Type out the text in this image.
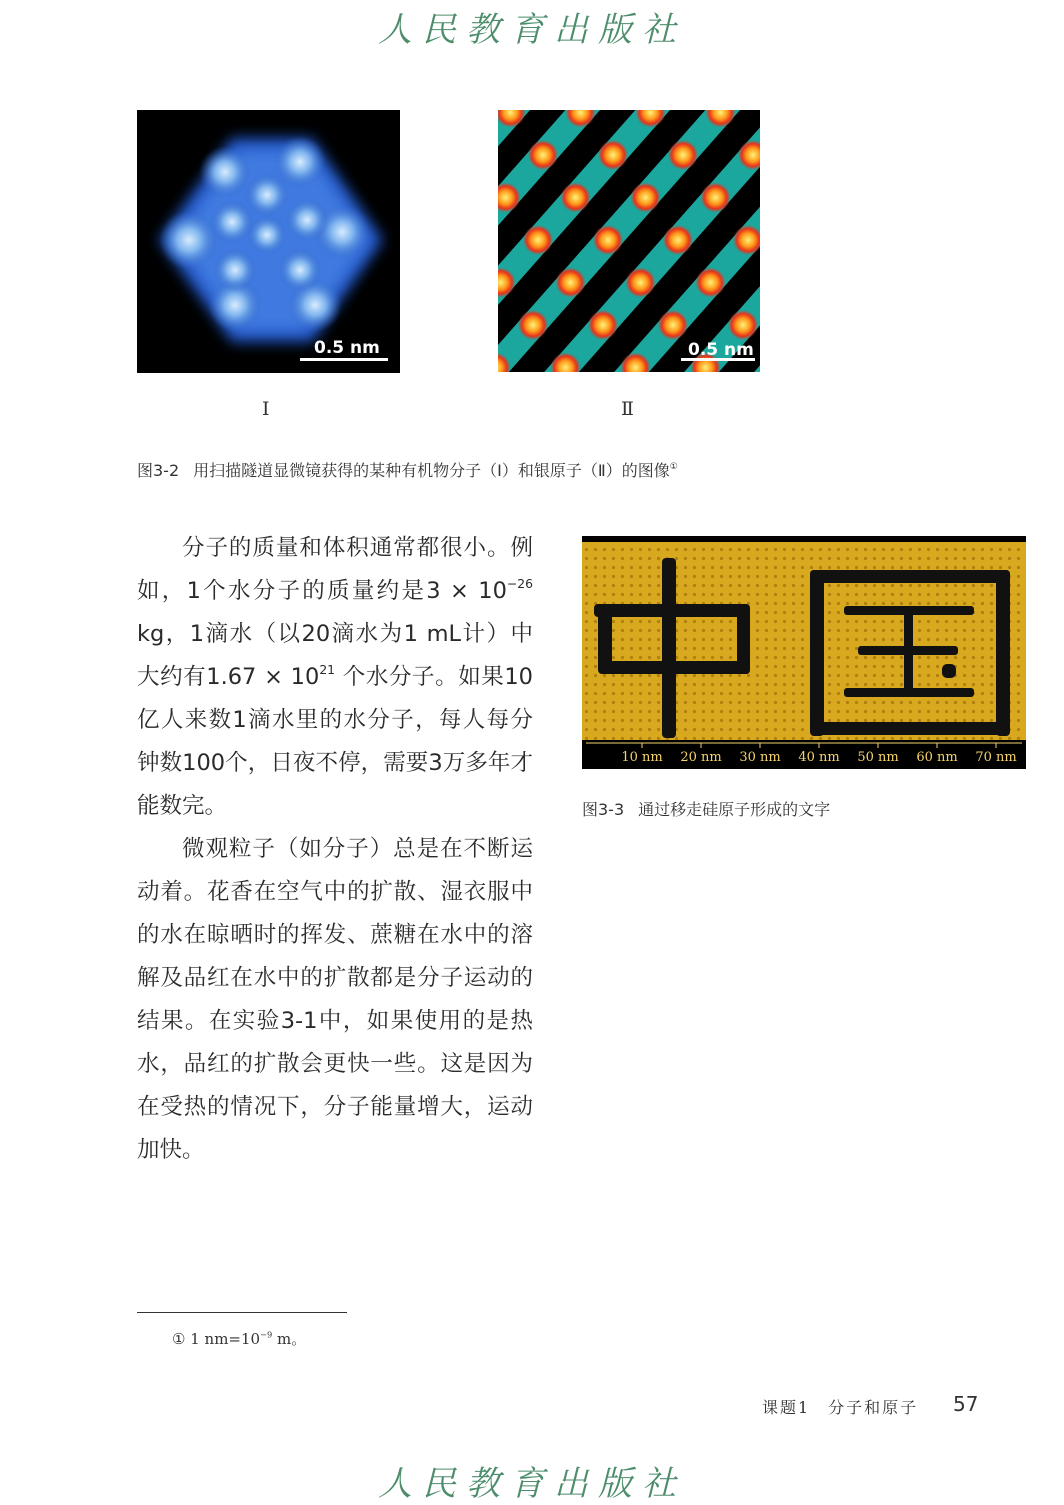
人民教育出版社
0.5 nm	0.5 nm
Ⅰ	Ⅱ
图3-2 用扫描隧道显微镜获得的某种有机物分子（Ⅰ）和银原子（Ⅱ）的图像①
10 nm 20 nm 30 nm 40 nm 50 nm 60 nm 70 nm
图3-3 通过移走硅原子形成的文字

分子的质量和体积通常都很小。例如，1个水分子的质量约是$3 \times 10^{-26}$ kg，1滴水（以20滴水为1 mL计）中大约有$1.67 \times 10^{21}$ 个水分子。如果10亿人来数1滴水里的水分子，每人每分钟数100个，日夜不停，需要3万多年才能数完。

微观粒子（如分子）总是在不断运动着。花香在空气中的扩散、湿衣服中的水在晾晒时的挥发、蔗糖在水中的溶解及品红在水中的扩散都是分子运动的结果。在实验3-1中，如果使用的是热水，品红的扩散会更快一些。这是因为在受热的情况下，分子能量增大，运动加快。

① 1 $nm=10^{-9}$ m。
课题1　分子和原子 57
人民教育出版社
